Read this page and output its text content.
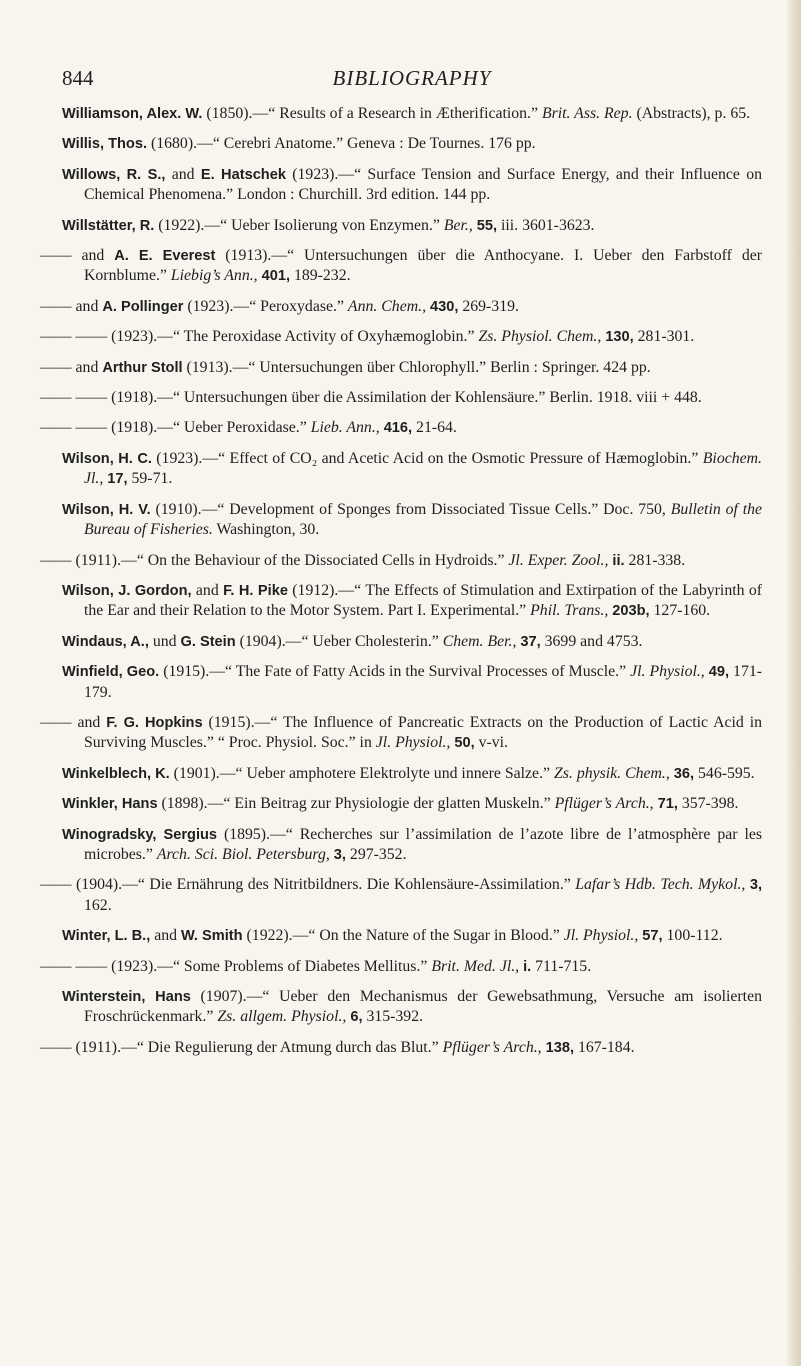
844	BIBLIOGRAPHY
Williamson, Alex. W. (1850).—“ Results of a Research in Ætherification.” Brit. Ass. Rep. (Abstracts), p. 65.
Willis, Thos. (1680).—“ Cerebri Anatome.” Geneva : De Tournes. 176 pp.
Willows, R. S., and E. Hatschek (1923).—“ Surface Tension and Surface Energy, and their Influence on Chemical Phenomena.” London : Churchill. 3rd edition. 144 pp.
Willstätter, R. (1922).—“ Ueber Isolierung von Enzymen.” Ber., 55, iii. 3601-3623.
—— and A. E. Everest (1913).—“ Untersuchungen über die Anthocyane. I. Ueber den Farbstoff der Kornblume.” Liebig’s Ann., 401, 189-232.
—— and A. Pollinger (1923).—“ Peroxydase.” Ann. Chem., 430, 269-319.
—— —— (1923).—“ The Peroxidase Activity of Oxyhæmoglobin.” Zs. Physiol. Chem., 130, 281-301.
—— and Arthur Stoll (1913).—“ Untersuchungen über Chlorophyll.” Berlin : Springer. 424 pp.
—— —— (1918).—“ Untersuchungen über die Assimilation der Kohlensäure.” Berlin. 1918. viii + 448.
—— —— (1918).—“ Ueber Peroxidase.” Lieb. Ann., 416, 21-64.
Wilson, H. C. (1923).—“ Effect of CO₂ and Acetic Acid on the Osmotic Pressure of Hæmoglobin.” Biochem. Jl., 17, 59-71.
Wilson, H. V. (1910).—“ Development of Sponges from Dissociated Tissue Cells.” Doc. 750, Bulletin of the Bureau of Fisheries. Washington, 30.
—— (1911).—“ On the Behaviour of the Dissociated Cells in Hydroids.” Jl. Exper. Zool., ii. 281-338.
Wilson, J. Gordon, and F. H. Pike (1912).—“ The Effects of Stimulation and Extirpation of the Labyrinth of the Ear and their Relation to the Motor System. Part I. Experimental.” Phil. Trans., 203b, 127-160.
Windaus, A., und G. Stein (1904).—“ Ueber Cholesterin.” Chem. Ber., 37, 3699 and 4753.
Winfield, Geo. (1915).—“ The Fate of Fatty Acids in the Survival Processes of Muscle.” Jl. Physiol., 49, 171-179.
—— and F. G. Hopkins (1915).—“ The Influence of Pancreatic Extracts on the Production of Lactic Acid in Surviving Muscles.” “ Proc. Physiol. Soc.” in Jl. Physiol., 50, v-vi.
Winkelblech, K. (1901).—“ Ueber amphotere Elektrolyte und innere Salze.” Zs. physik. Chem., 36, 546-595.
Winkler, Hans (1898).—“ Ein Beitrag zur Physiologie der glatten Muskeln.” Pflüger’s Arch., 71, 357-398.
Winogradsky, Sergius (1895).—“ Recherches sur l’assimilation de l’azote libre de l’atmosphère par les microbes.” Arch. Sci. Biol. Petersburg, 3, 297-352.
—— (1904).—“ Die Ernährung des Nitritbildners. Die Kohlensäure-Assimilation.” Lafar’s Hdb. Tech. Mykol., 3, 162.
Winter, L. B., and W. Smith (1922).—“ On the Nature of the Sugar in Blood.” Jl. Physiol., 57, 100-112.
—— —— (1923).—“ Some Problems of Diabetes Mellitus.” Brit. Med. Jl., i. 711-715.
Winterstein, Hans (1907).—“ Ueber den Mechanismus der Gewebsathmung, Versuche am isolierten Froschrückenmark.” Zs. allgem. Physiol., 6, 315-392.
—— (1911).—“ Die Regulierung der Atmung durch das Blut.” Pflüger’s Arch., 138, 167-184.
